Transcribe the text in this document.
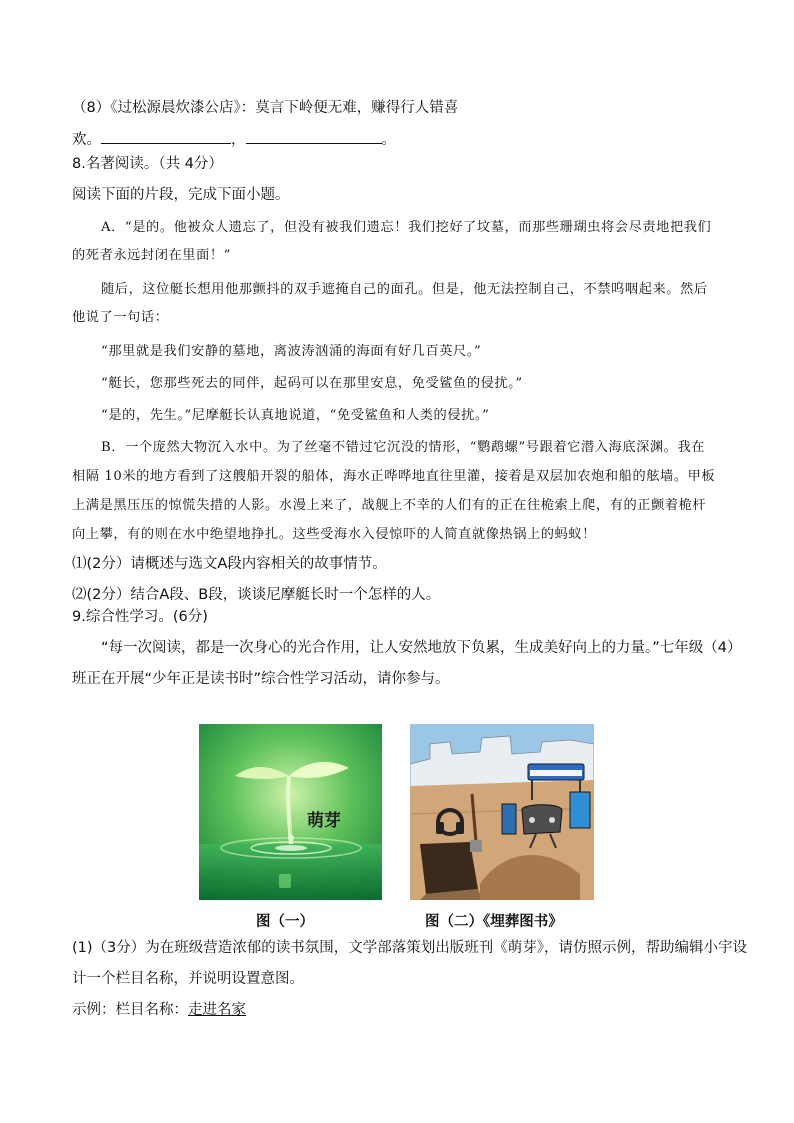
（8）《过松源晨炊漆公店》：莫言下岭便无难，赚得行人错喜

欢。	，	。

8.名著阅读。（共 4分）

阅读下面的片段，完成下面小题。

A．“是的。他被众人遗忘了，但没有被我们遗忘！我们挖好了坟墓，而那些珊瑚虫将会尽责地把我们

的死者永远封闭在里面！”

随后，这位艇长想用他那颤抖的双手遮掩自己的面孔。但是，他无法控制自己，不禁呜咽起来。然后

他说了一句话：

“那里就是我们安静的墓地，离波涛汹涌的海面有好几百英尺。”

“艇长，您那些死去的同伴，起码可以在那里安息，免受鲨鱼的侵扰。”

“是的，先生。”尼摩艇长认真地说道，“免受鲨鱼和人类的侵扰。”

B．一个庞然大物沉入水中。为了丝毫不错过它沉没的情形，“鹦鹉螺”号跟着它潜入海底深渊。我在

相隔 10米的地方看到了这艘船开裂的船体，海水正哗哗地直往里灌，接着是双层加农炮和船的舷墙。甲板

上满是黑压压的惊慌失措的人影。水漫上来了，战舰上不幸的人们有的正在往桅索上爬，有的正颤着桅杆

向上攀，有的则在水中绝望地挣扎。这些受海水入侵惊吓的人简直就像热锅上的蚂蚁！

⑴(2分）请概述与选文A段内容相关的故事情节。

⑵(2分）结合A段、B段，谈谈尼摩艇长时一个怎样的人。

9.综合性学习。(6分)

“每一次阅读，都是一次身心的光合作用，让人安然地放下负累，生成美好向上的力量。”七年级（4）

班正在开展“少年正是读书时”综合性学习活动，请你参与。

萌芽
图（一）	图（二）《埋葬图书》

(1)（3分）为在班级营造浓郁的读书氛围，文学部落策划出版班刊《萌芽》，请仿照示例，帮助编辑小宇设

计一个栏目名称，并说明设置意图。

示例：栏目名称：走进名家
